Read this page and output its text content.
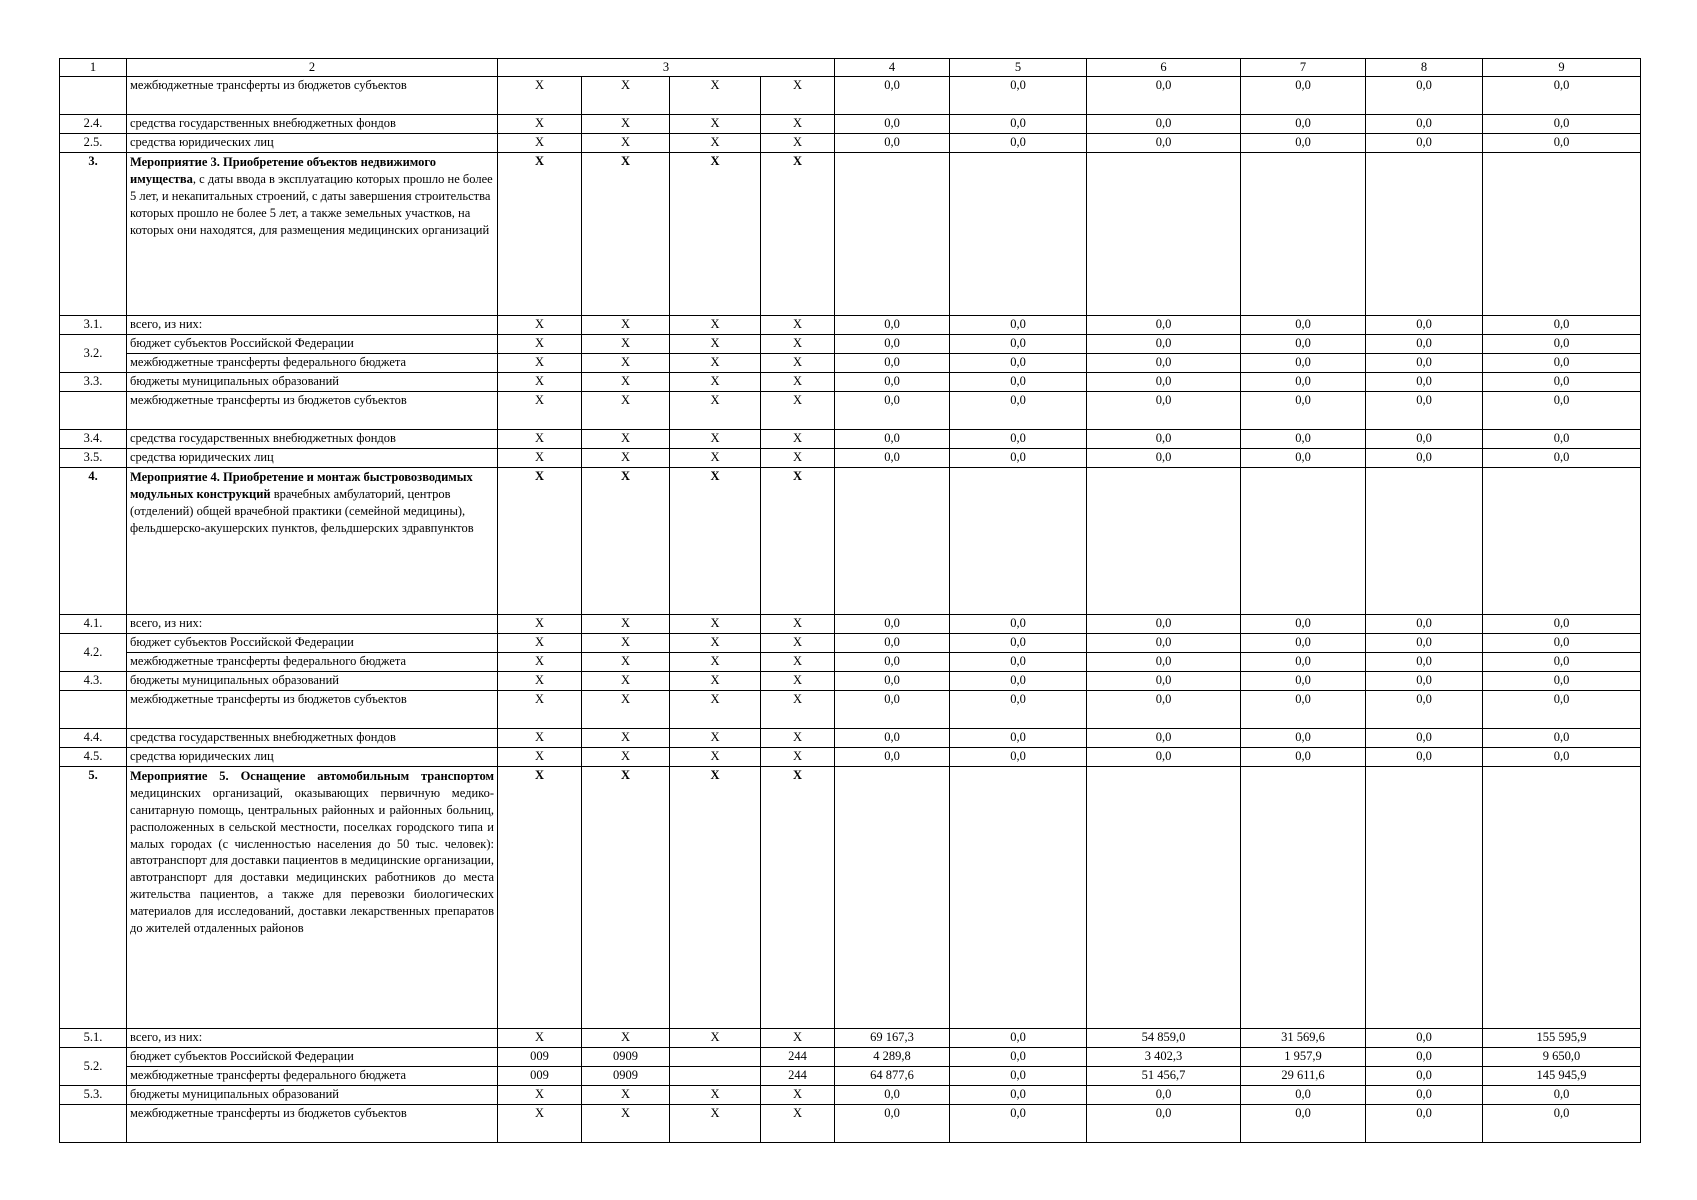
1	2	3				4	5	6	7	8	9
	межбюджетные трансферты из бюджетов субъектов	X	X	X	X	0,0	0,0	0,0	0,0	0,0	0,0
2.4.	средства государственных внебюджетных фондов	X	X	X	X	0,0	0,0	0,0	0,0	0,0	0,0
2.5.	средства юридических лиц	X	X	X	X	0,0	0,0	0,0	0,0	0,0	0,0
3.	Мероприятие 3. Приобретение объектов недвижимого имущества, с даты ввода в эксплуатацию которых прошло не более 5 лет, и некапитальных строений, с даты завершения строительства которых прошло не более 5 лет, а также земельных участков, на которых они находятся, для размещения медицинских организаций	X	X	X	X						
3.1.	всего, из них:	X	X	X	X	0,0	0,0	0,0	0,0	0,0	0,0
3.2.	бюджет субъектов Российской Федерации	X	X	X	X	0,0	0,0	0,0	0,0	0,0	0,0
	межбюджетные трансферты федерального бюджета	X	X	X	X	0,0	0,0	0,0	0,0	0,0	0,0
3.3.	бюджеты муниципальных образований	X	X	X	X	0,0	0,0	0,0	0,0	0,0	0,0
	межбюджетные трансферты из бюджетов субъектов	X	X	X	X	0,0	0,0	0,0	0,0	0,0	0,0
3.4.	средства государственных внебюджетных фондов	X	X	X	X	0,0	0,0	0,0	0,0	0,0	0,0
3.5.	средства юридических лиц	X	X	X	X	0,0	0,0	0,0	0,0	0,0	0,0
4.	Мероприятие 4. Приобретение и монтаж быстровозводимых модульных конструкций врачебных амбулаторий, центров (отделений) общей врачебной практики (семейной медицины), фельдшерско-акушерских пунктов, фельдшерских здравпунктов	X	X	X	X						
4.1.	всего, из них:	X	X	X	X	0,0	0,0	0,0	0,0	0,0	0,0
4.2.	бюджет субъектов Российской Федерации	X	X	X	X	0,0	0,0	0,0	0,0	0,0	0,0
	межбюджетные трансферты федерального бюджета	X	X	X	X	0,0	0,0	0,0	0,0	0,0	0,0
4.3.	бюджеты муниципальных образований	X	X	X	X	0,0	0,0	0,0	0,0	0,0	0,0
	межбюджетные трансферты из бюджетов субъектов	X	X	X	X	0,0	0,0	0,0	0,0	0,0	0,0
4.4.	средства государственных внебюджетных фондов	X	X	X	X	0,0	0,0	0,0	0,0	0,0	0,0
4.5.	средства юридических лиц	X	X	X	X	0,0	0,0	0,0	0,0	0,0	0,0
5.	Мероприятие 5. Оснащение автомобильным транспортом медицинских организаций, оказывающих первичную медико-санитарную помощь, центральных районных и районных больниц, расположенных в сельской местности, поселках городского типа и малых городах (с численностью населения до 50 тыс. человек): автотранспорт для доставки пациентов в медицинские организации, автотранспорт для доставки медицинских работников до места жительства пациентов, а также для перевозки биологических материалов для исследований, доставки лекарственных препаратов до жителей отдаленных районов	X	X	X	X						
5.1.	всего, из них:	X	X	X	X	69 167,3	0,0	54 859,0	31 569,6	0,0	155 595,9
5.2.	бюджет субъектов Российской Федерации	009	0909		244	4 289,8	0,0	3 402,3	1 957,9	0,0	9 650,0
	межбюджетные трансферты федерального бюджета	009	0909		244	64 877,6	0,0	51 456,7	29 611,6	0,0	145 945,9
5.3.	бюджеты муниципальных образований	X	X	X	X	0,0	0,0	0,0	0,0	0,0	0,0
	межбюджетные трансферты из бюджетов субъектов	X	X	X	X	0,0	0,0	0,0	0,0	0,0	0,0
